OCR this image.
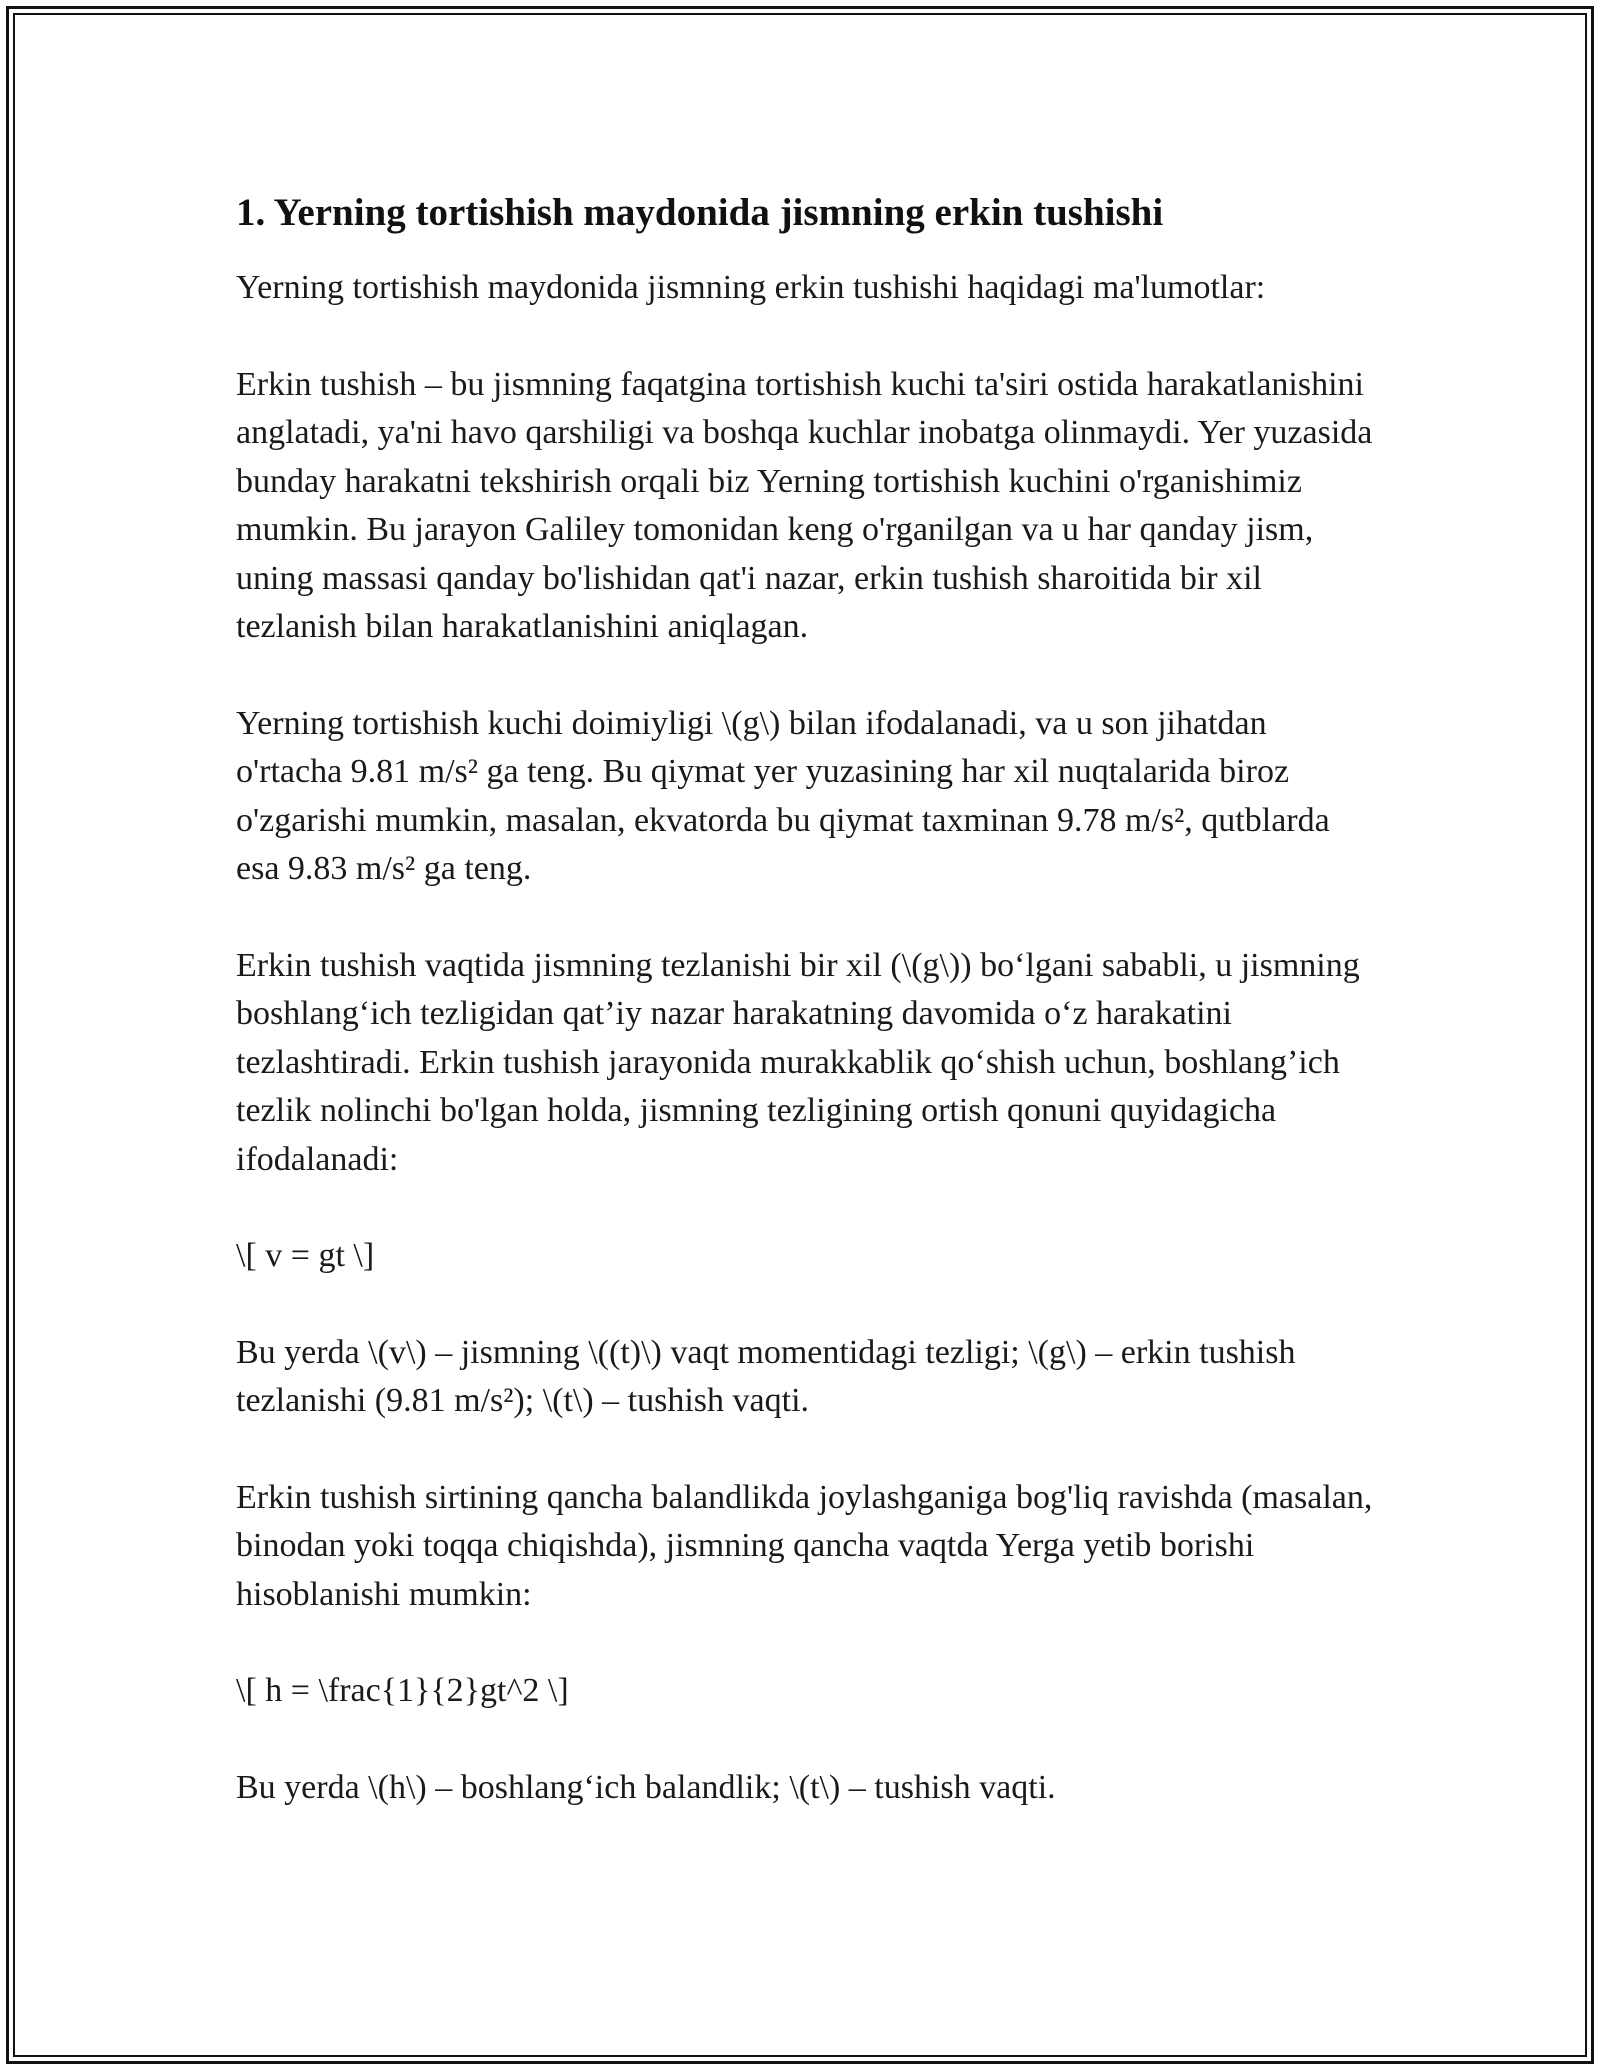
1. Yerning tortishish maydonida jismning erkin tushishi

Yerning tortishish maydonida jismning erkin tushishi haqidagi ma'lumotlar:

Erkin tushish – bu jismning faqatgina tortishish kuchi ta'siri ostida harakatlanishini anglatadi, ya'ni havo qarshiligi va boshqa kuchlar inobatga olinmaydi. Yer yuzasida bunday harakatni tekshirish orqali biz Yerning tortishish kuchini o'rganishimiz mumkin. Bu jarayon Galiley tomonidan keng o'rganilgan va u har qanday jism, uning massasi qanday bo'lishidan qat'i nazar, erkin tushish sharoitida bir xil tezlanish bilan harakatlanishini aniqlagan.

Yerning tortishish kuchi doimiyligi \(g\) bilan ifodalanadi, va u son jihatdan o'rtacha 9.81 m/s² ga teng. Bu qiymat yer yuzasining har xil nuqtalarida biroz o'zgarishi mumkin, masalan, ekvatorda bu qiymat taxminan 9.78 m/s², qutblarda esa 9.83 m/s² ga teng.

Erkin tushish vaqtida jismning tezlanishi bir xil (\(g\)) bo‘lgani sababli, u jismning boshlang‘ich tezligidan qat’iy nazar harakatning davomida o‘z harakatini tezlashtiradi. Erkin tushish jarayonida murakkablik qo‘shish uchun, boshlang’ich tezlik nolinchi bo'lgan holda, jismning tezligining ortish qonuni quyidagicha ifodalanadi:

\[ v = gt \]

Bu yerda \(v\) – jismning \((t)\) vaqt momentidagi tezligi; \(g\) – erkin tushish tezlanishi (9.81 m/s²); \(t\) – tushish vaqti.

Erkin tushish sirtining qancha balandlikda joylashganiga bog'liq ravishda (masalan, binodan yoki toqqa chiqishda), jismning qancha vaqtda Yerga yetib borishi hisoblanishi mumkin:

\[ h = \frac{1}{2}gt^2 \]

Bu yerda \(h\) – boshlang‘ich balandlik; \(t\) – tushish vaqti.
